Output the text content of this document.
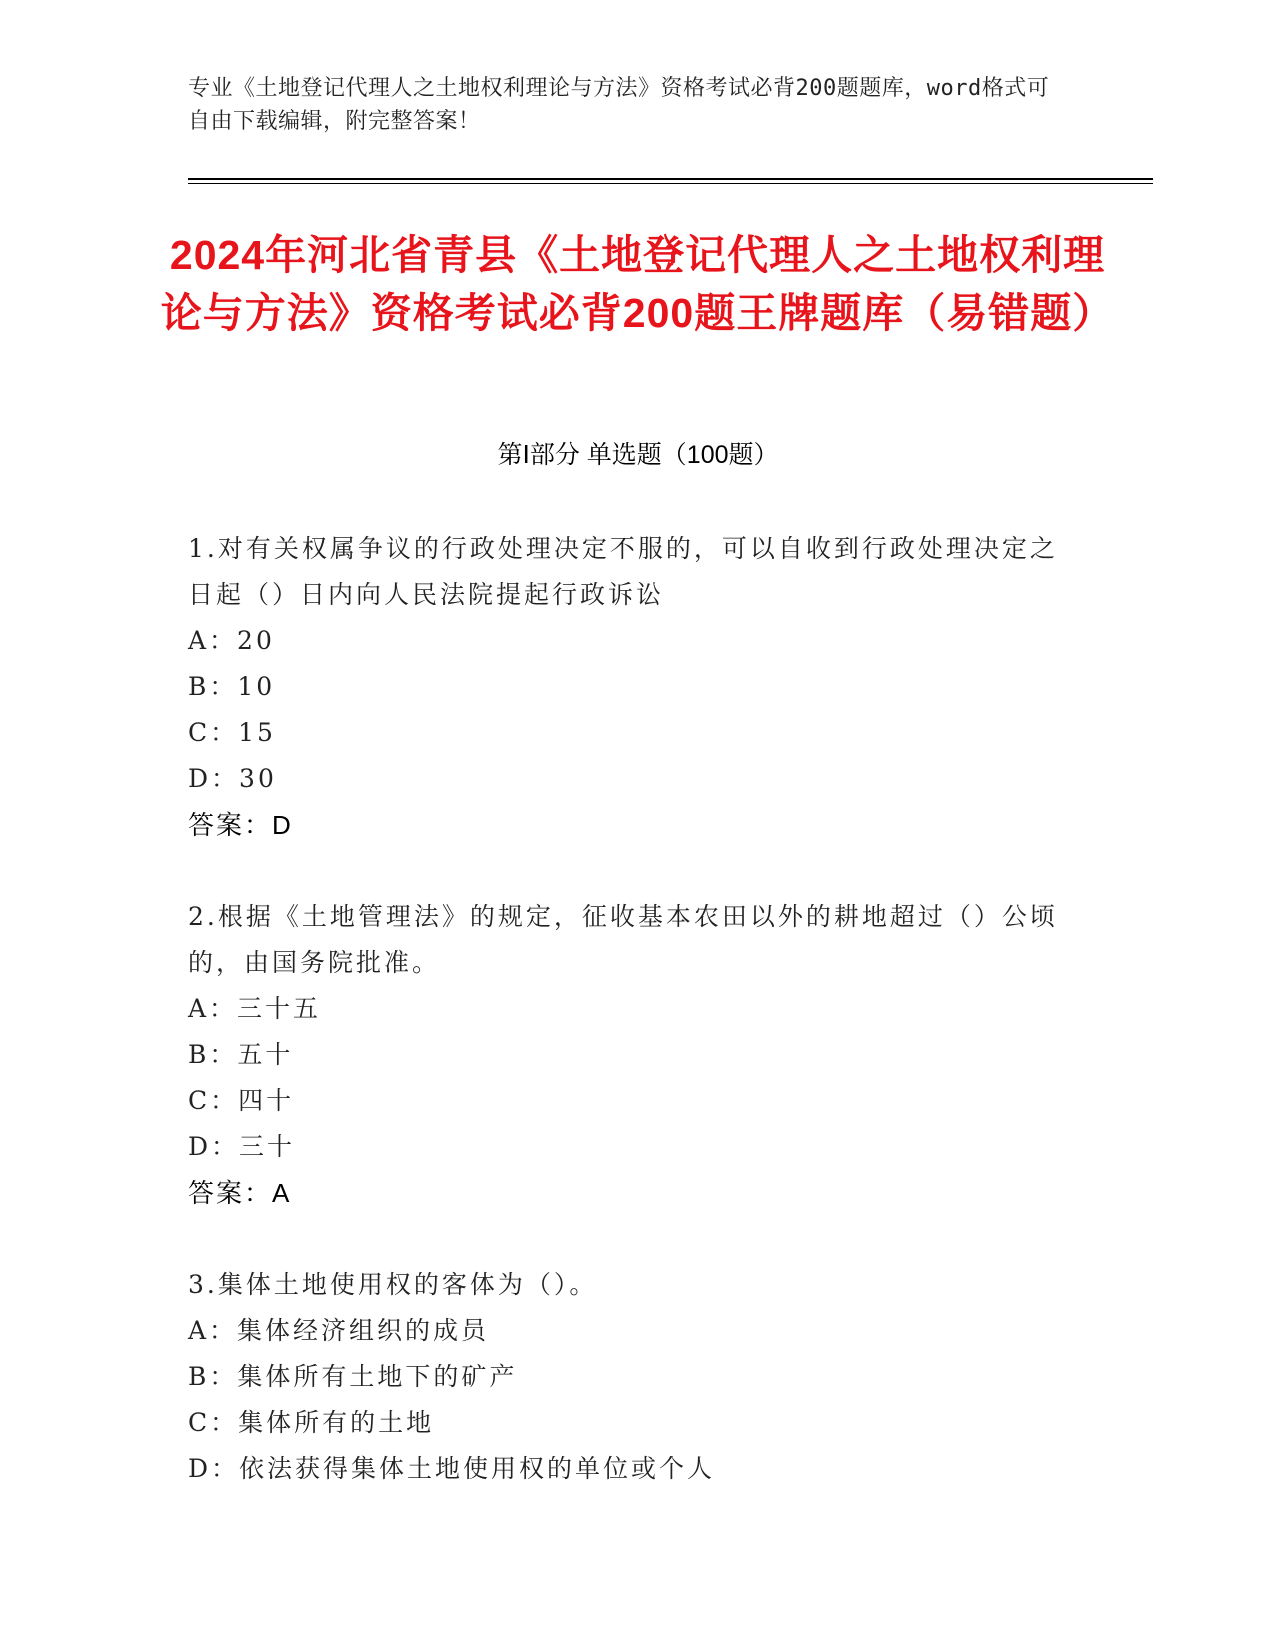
专业《土地登记代理人之土地权利理论与方法》资格考试必背200题题库，word格式可自由下载编辑，附完整答案！
2024年河北省青县《土地登记代理人之土地权利理论与方法》资格考试必背200题王牌题库（易错题）
第Ⅰ部分 单选题（100题）
1.对有关权属争议的行政处理决定不服的，可以自收到行政处理决定之日起（）日内向人民法院提起行政诉讼
A：20
B：10
C：15
D：30
答案：D
2.根据《土地管理法》的规定，征收基本农田以外的耕地超过（）公顷的，由国务院批准。
A：三十五
B：五十
C：四十
D：三十
答案：A
3.集体土地使用权的客体为（）。
A：集体经济组织的成员
B：集体所有土地下的矿产
C：集体所有的土地
D：依法获得集体土地使用权的单位或个人
